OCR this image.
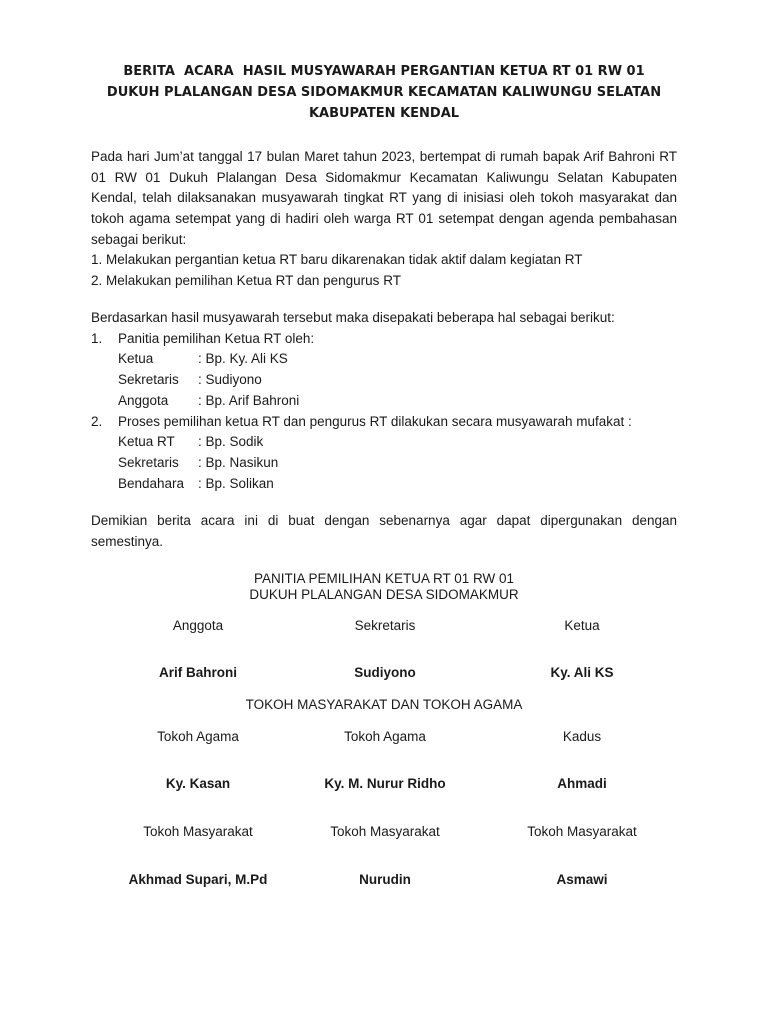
BERITA  ACARA  HASIL MUSYAWARAH PERGANTIAN KETUA RT 01 RW 01
DUKUH PLALANGAN DESA SIDOMAKMUR KECAMATAN KALIWUNGU SELATAN
KABUPATEN KENDAL
Pada hari Jum’at tanggal 17 bulan Maret tahun 2023, bertempat di rumah bapak Arif Bahroni RT 01 RW 01 Dukuh Plalangan Desa Sidomakmur Kecamatan Kaliwungu Selatan Kabupaten Kendal, telah dilaksanakan musyawarah tingkat RT yang di inisiasi oleh tokoh masyarakat dan tokoh agama setempat yang di hadiri oleh warga RT 01 setempat dengan agenda pembahasan sebagai berikut:
1. Melakukan pergantian ketua RT baru dikarenakan tidak aktif dalam kegiatan RT
2. Melakukan pemilihan Ketua RT dan pengurus RT
Berdasarkan hasil musyawarah tersebut maka disepakati beberapa hal sebagai berikut:
1. Panitia pemilihan Ketua RT oleh:
Ketua	: Bp. Ky. Ali KS
Sekretaris : Sudiyono
Anggota : Bp. Arif Bahroni
2. Proses pemilihan ketua RT dan pengurus RT dilakukan secara musyawarah mufakat :
Ketua RT : Bp. Sodik
Sekretaris : Bp. Nasikun
Bendahara : Bp. Solikan
Demikian berita acara ini di buat dengan sebenarnya agar dapat dipergunakan dengan semestinya.
PANITIA PEMILIHAN KETUA RT 01 RW 01
DUKUH PLALANGAN DESA SIDOMAKMUR
Anggota	Sekretaris	Ketua
Arif Bahroni	Sudiyono	Ky. Ali KS
TOKOH MASYARAKAT DAN TOKOH AGAMA
Tokoh Agama	Tokoh Agama	Kadus
Ky. Kasan	Ky. M. Nurur Ridho	Ahmadi
Tokoh Masyarakat	Tokoh Masyarakat	Tokoh Masyarakat
Akhmad Supari, M.Pd	Nurudin	Asmawi
